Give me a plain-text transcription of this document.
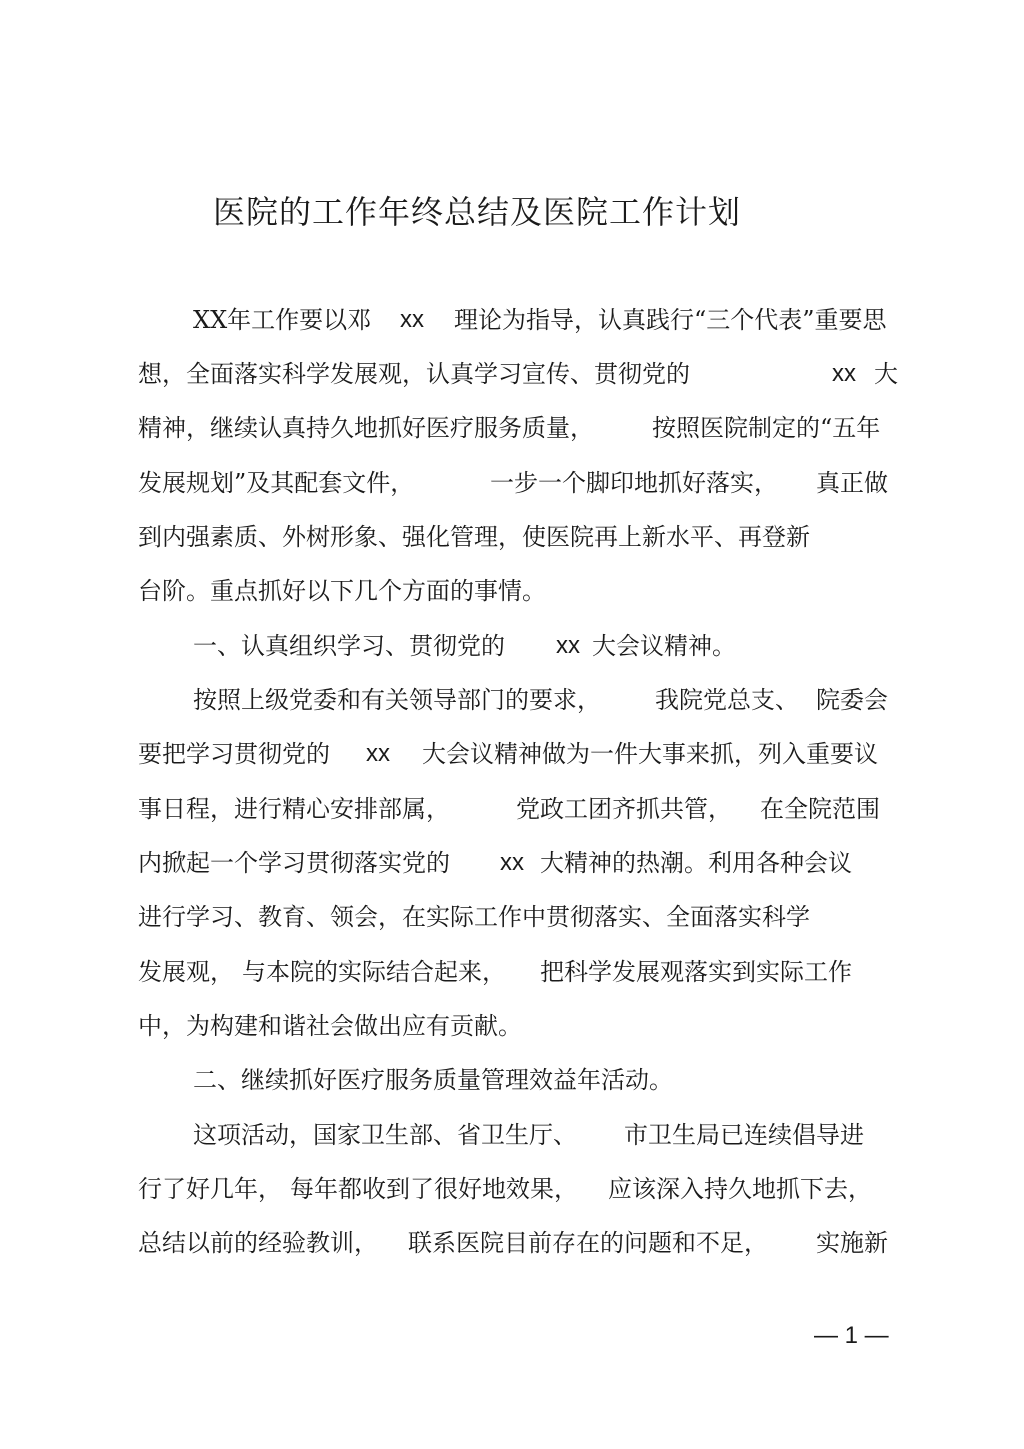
医院的工作年终总结及医院工作计划
XX年工作要以邓 xx 理论为指导，认真践行“三个代表”重要思
想，全面落实科学发展观，认真学习宣传、贯彻党的	xx 大
精神，继续认真持久地抓好医疗服务质量， 按照医院制定的“五年
发展规划”及其配套文件，	一步一个脚印地抓好落实， 真正做
到内强素质、外树形象、强化管理，使医院再上新水平、再登新
台阶。重点抓好以下几个方面的事情。
一、认真组织学习、贯彻党的 xx 大会议精神。
按照上级党委和有关领导部门的要求， 我院党总支、 院委会
要把学习贯彻党的 xx 大会议精神做为一件大事来抓，列入重要议
事日程，进行精心安排部属，	党政工团齐抓共管， 在全院范围
内掀起一个学习贯彻落实党的 xx 大精神的热潮。利用各种会议
进行学习、教育、领会，在实际工作中贯彻落实、全面落实科学
发展观， 与本院的实际结合起来， 把科学发展观落实到实际工作
中，为构建和谐社会做出应有贡献。
二、继续抓好医疗服务质量管理效益年活动。
这项活动，国家卫生部、省卫生厅、 市卫生局已连续倡导进
行了好几年， 每年都收到了很好地效果， 应该深入持久地抓下去，
总结以前的经验教训， 联系医院目前存在的问题和不足， 实施新
— 1 —
